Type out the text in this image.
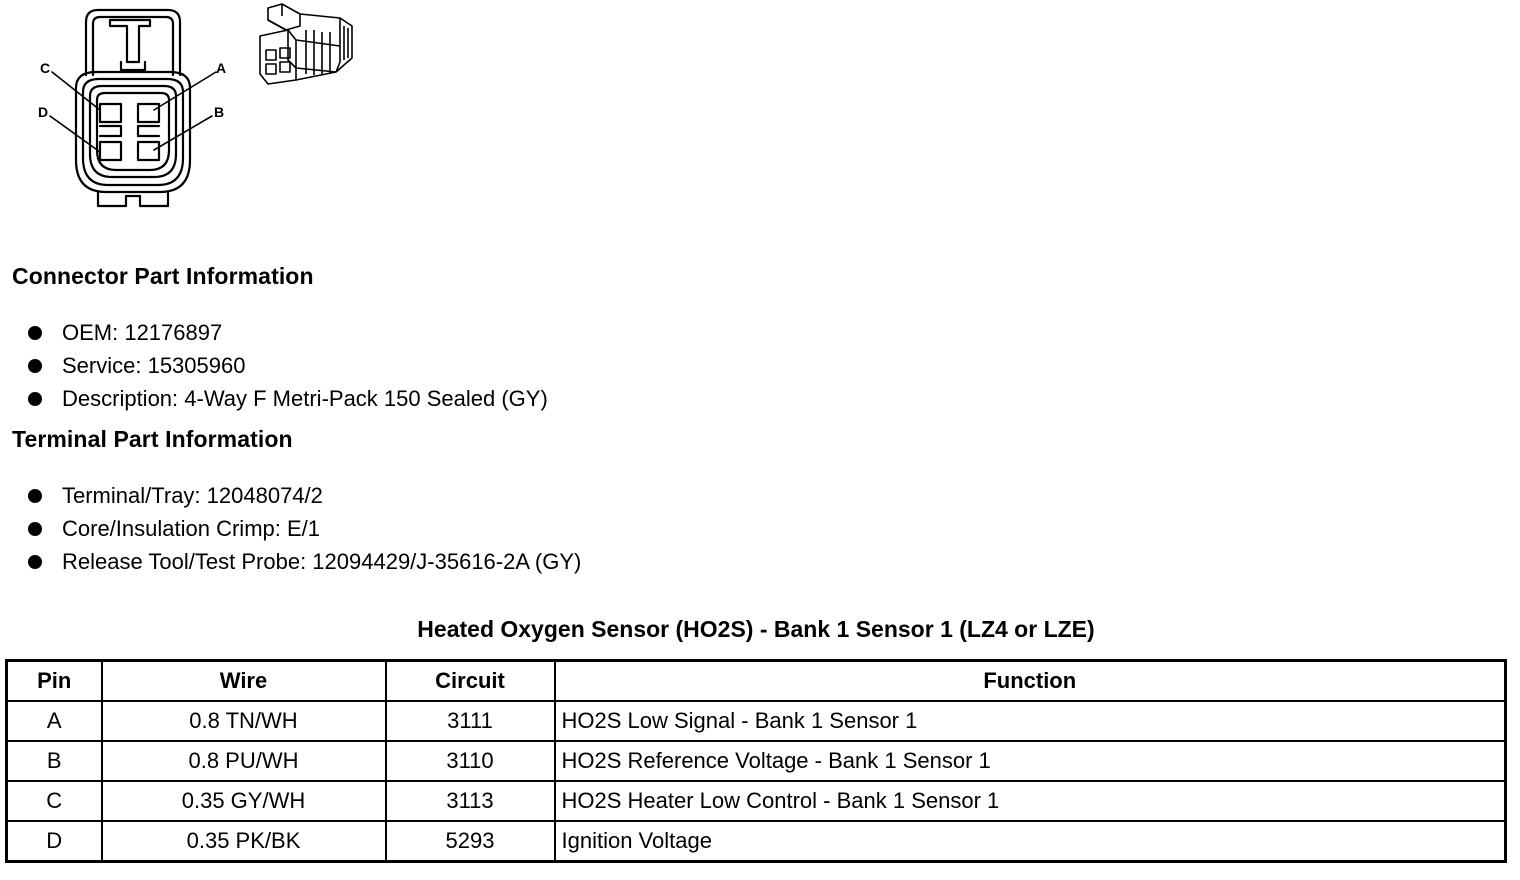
C	A
D	B
Connector Part Information
OEM: 12176897
Service: 15305960
Description: 4-Way F Metri-Pack 150 Sealed (GY)
Terminal Part Information
Terminal/Tray: 12048074/2
Core/Insulation Crimp: E/1
Release Tool/Test Probe: 12094429/J-35616-2A (GY)
Heated Oxygen Sensor (HO2S) - Bank 1 Sensor 1 (LZ4 or LZE)
Pin	Wire	Circuit	Function
A	0.8 TN/WH	3111	HO2S Low Signal - Bank 1 Sensor 1
B	0.8 PU/WH	3110	HO2S Reference Voltage - Bank 1 Sensor 1
C	0.35 GY/WH	3113	HO2S Heater Low Control - Bank 1 Sensor 1
D	0.35 PK/BK	5293	Ignition Voltage
